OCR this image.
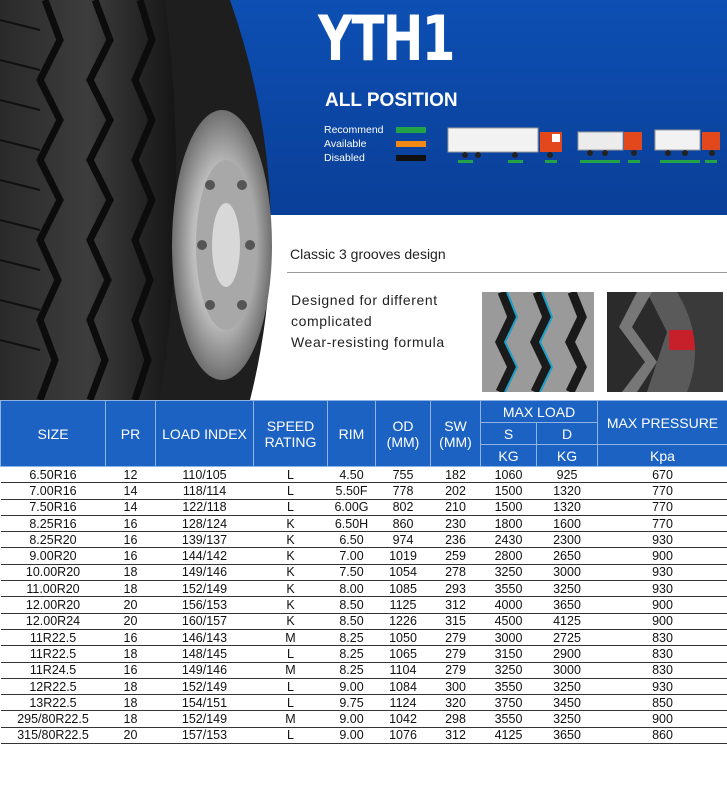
YTH1
ALL POSITION
Recommend
Available
Disabled
Classic 3 grooves design
Designed for different
complicated
Wear-resisting formula
SIZE	PR	LOAD INDEX	SPEED RATING	RIM	OD (MM)	SW (MM)	MAX LOAD		MAX PRESSURE
							S	D	
							KG	KG	Kpa
6.50R16	12	110/105	L	4.50	755	182	1060	925	670
7.00R16	14	118/114	L	5.50F	778	202	1500	1320	770
7.50R16	14	122/118	L	6.00G	802	210	1500	1320	770
8.25R16	16	128/124	K	6.50H	860	230	1800	1600	770
8.25R20	16	139/137	K	6.50	974	236	2430	2300	930
9.00R20	16	144/142	K	7.00	1019	259	2800	2650	900
10.00R20	18	149/146	K	7.50	1054	278	3250	3000	930
11.00R20	18	152/149	K	8.00	1085	293	3550	3250	930
12.00R20	20	156/153	K	8.50	1125	312	4000	3650	900
12.00R24	20	160/157	K	8.50	1226	315	4500	4125	900
11R22.5	16	146/143	M	8.25	1050	279	3000	2725	830
11R22.5	18	148/145	L	8.25	1065	279	3150	2900	830
11R24.5	16	149/146	M	8.25	1104	279	3250	3000	830
12R22.5	18	152/149	L	9.00	1084	300	3550	3250	930
13R22.5	18	154/151	L	9.75	1124	320	3750	3450	850
295/80R22.5	18	152/149	M	9.00	1042	298	3550	3250	900
315/80R22.5	20	157/153	L	9.00	1076	312	4125	3650	860
